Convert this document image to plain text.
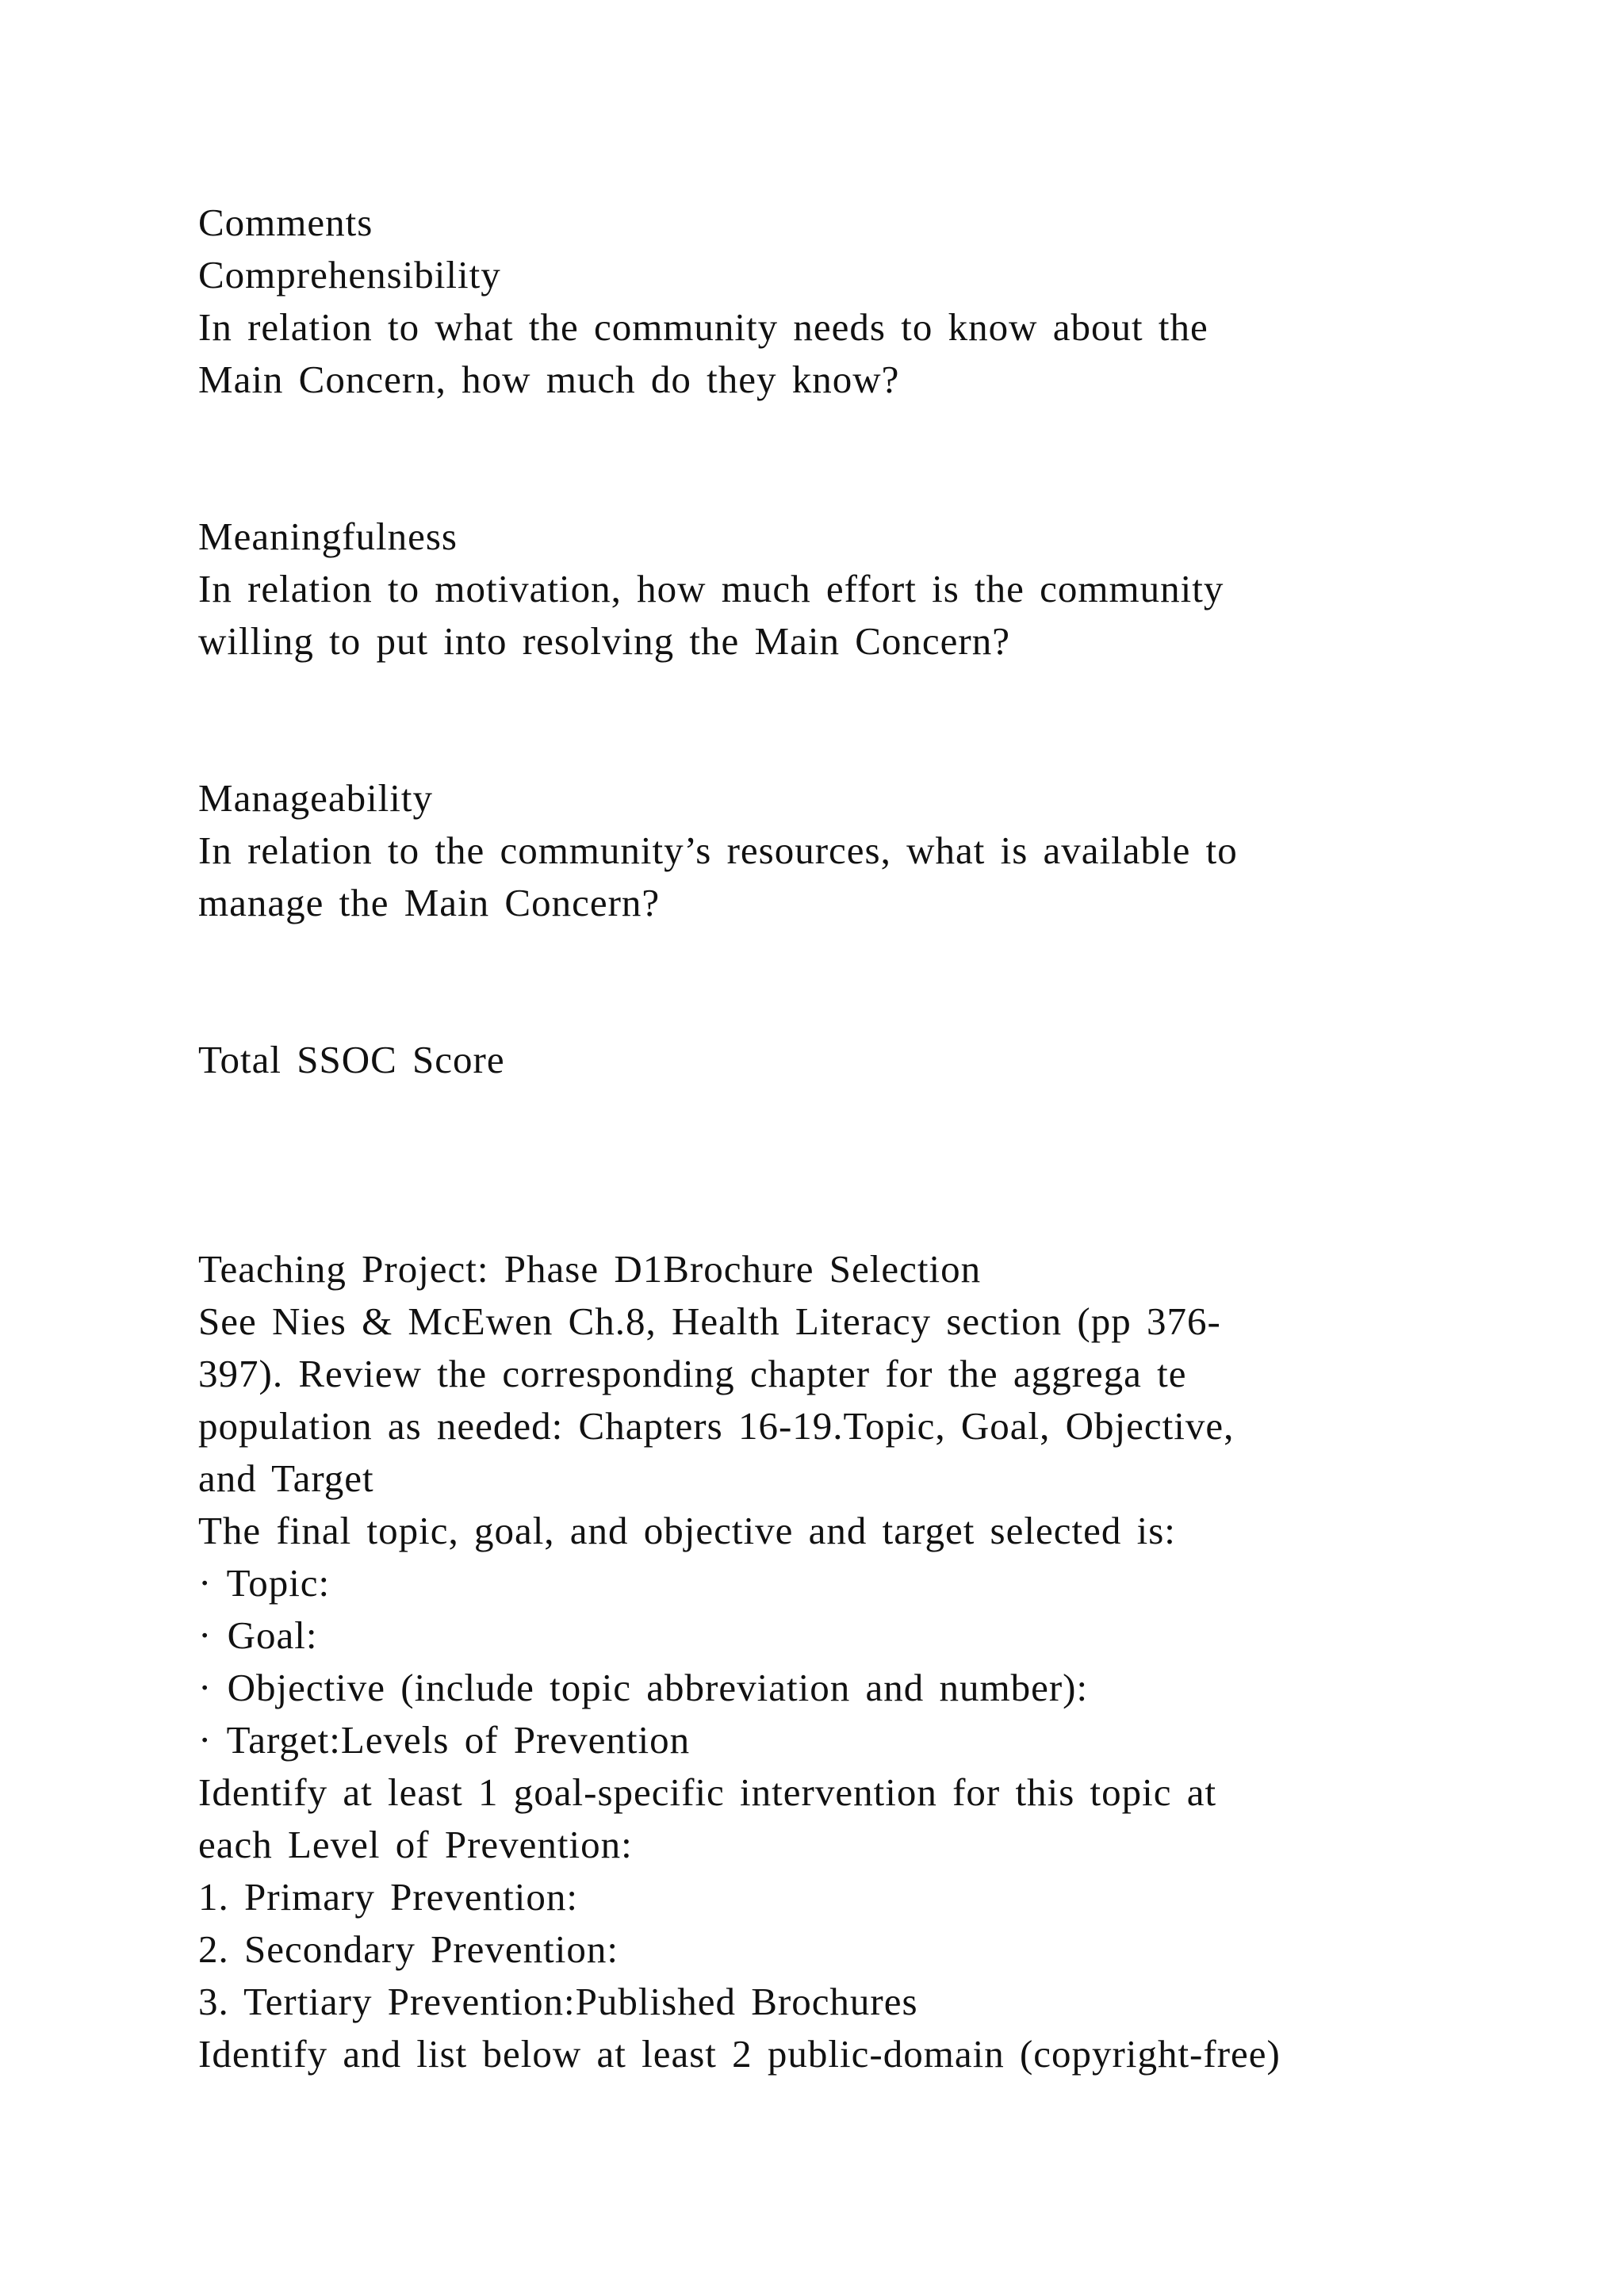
Comments

Comprehensibility

In relation to what the community needs to know about the

Main Concern, how much do they know?

Meaningfulness

In relation to motivation, how much effort is the community

willing to put into resolving the Main Concern?

Manageability

In relation to the community’s resources, what is available to

manage the Main Concern?

Total SSOC Score

Teaching Project: Phase D1Brochure Selection

See Nies & McEwen Ch.8, Health Literacy section (pp 376-

397). Review the corresponding chapter for the aggrega te

population as needed: Chapters 16-19.Topic, Goal, Objective,

and Target

The final topic, goal, and objective and target selected is:

· Topic:

· Goal:

· Objective (include topic abbreviation and number):

· Target:Levels of Prevention

Identify at least 1 goal-specific intervention for this topic at

each Level of Prevention:

1. Primary Prevention:

2. Secondary Prevention:

3. Tertiary Prevention:Published Brochures

Identify and list below at least 2 public-domain (copyright-free)
